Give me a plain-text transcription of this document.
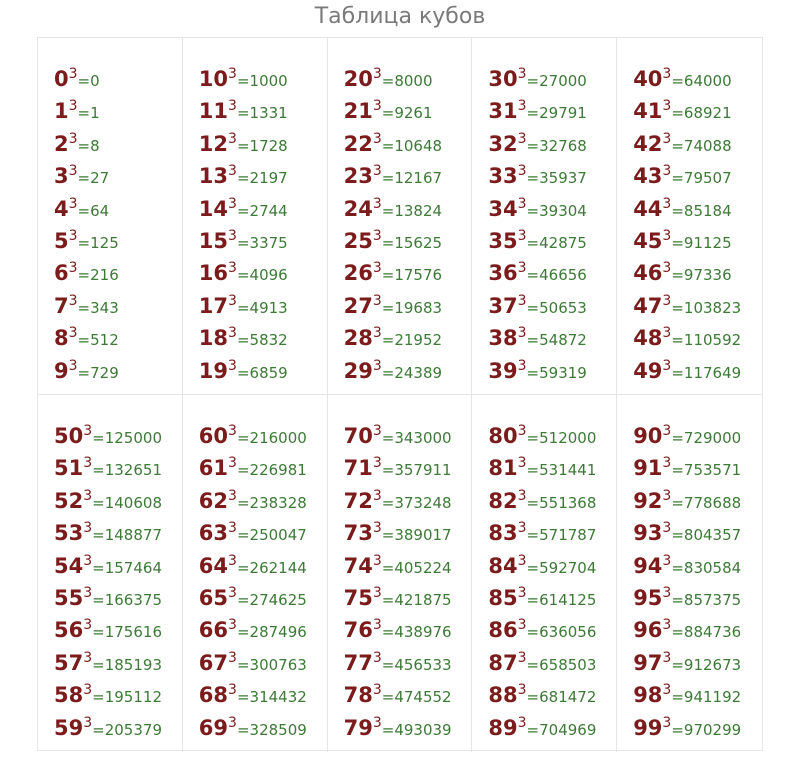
Таблица кубов
$0^3=0$
$1^3=1$
$2^3=8$
$3^3=27$
$4^3=64$
$5^3=125$
$6^3=216$
$7^3=343$
$8^3=512$
$9^3=729$
$10^3=1000$
$11^3=1331$
$12^3=1728$
$13^3=2197$
$14^3=2744$
$15^3=3375$
$16^3=4096$
$17^3=4913$
$18^3=5832$
$19^3=6859$
$20^3=8000$
$21^3=9261$
$22^3=10648$
$23^3=12167$
$24^3=13824$
$25^3=15625$
$26^3=17576$
$27^3=19683$
$28^3=21952$
$29^3=24389$
$30^3=27000$
$31^3=29791$
$32^3=32768$
$33^3=35937$
$34^3=39304$
$35^3=42875$
$36^3=46656$
$37^3=50653$
$38^3=54872$
$39^3=59319$
$40^3=64000$
$41^3=68921$
$42^3=74088$
$43^3=79507$
$44^3=85184$
$45^3=91125$
$46^3=97336$
$47^3=103823$
$48^3=110592$
$49^3=117649$
$50^3=125000$
$51^3=132651$
$52^3=140608$
$53^3=148877$
$54^3=157464$
$55^3=166375$
$56^3=175616$
$57^3=185193$
$58^3=195112$
$59^3=205379$
$60^3=216000$
$61^3=226981$
$62^3=238328$
$63^3=250047$
$64^3=262144$
$65^3=274625$
$66^3=287496$
$67^3=300763$
$68^3=314432$
$69^3=328509$
$70^3=343000$
$71^3=357911$
$72^3=373248$
$73^3=389017$
$74^3=405224$
$75^3=421875$
$76^3=438976$
$77^3=456533$
$78^3=474552$
$79^3=493039$
$80^3=512000$
$81^3=531441$
$82^3=551368$
$83^3=571787$
$84^3=592704$
$85^3=614125$
$86^3=636056$
$87^3=658503$
$88^3=681472$
$89^3=704969$
$90^3=729000$
$91^3=753571$
$92^3=778688$
$93^3=804357$
$94^3=830584$
$95^3=857375$
$96^3=884736$
$97^3=912673$
$98^3=941192$
$99^3=970299$
